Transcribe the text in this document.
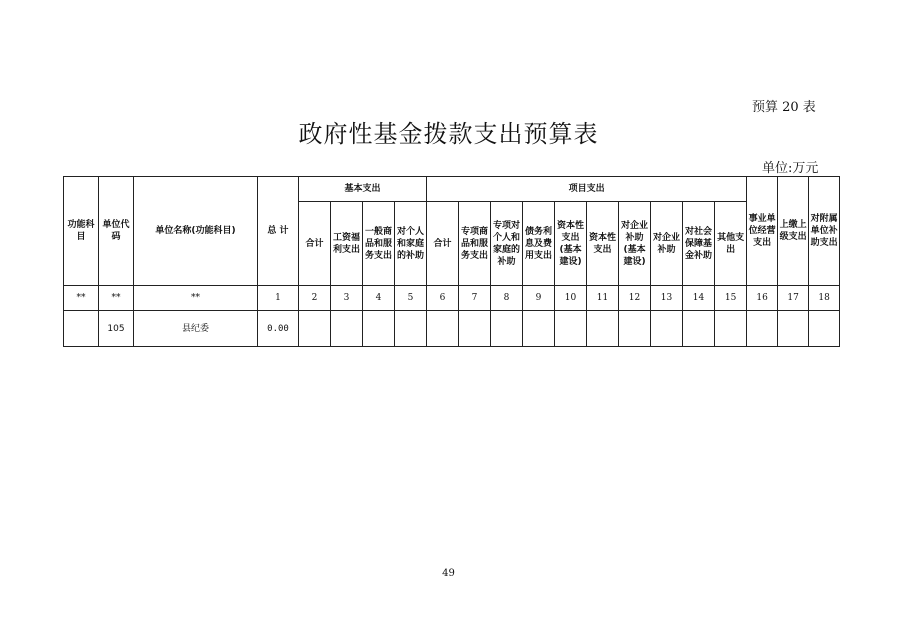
预算 20 表
政府性基金拨款支出预算表
单位:万元
功能科目	单位代码	单位名称(功能科目)	总 计	基本支出				项目支出										事业单位经营支出	上缴上级支出	对附属单位补助支出
				合计	工资福利支出	一般商品和服务支出	对个人和家庭的补助	合计	专项商品和服务支出	专项对个人和家庭的补助	债务利息及费用支出	资本性支出(基本建设)	资本性支出	对企业补助(基本建设)	对企业补助	对社会保障基金补助	其他支出			
**	**	**	1	2	3	4	5	6	7	8	9	10	11	12	13	14	15	16	17	18
	105	县纪委	0.00																	
49
